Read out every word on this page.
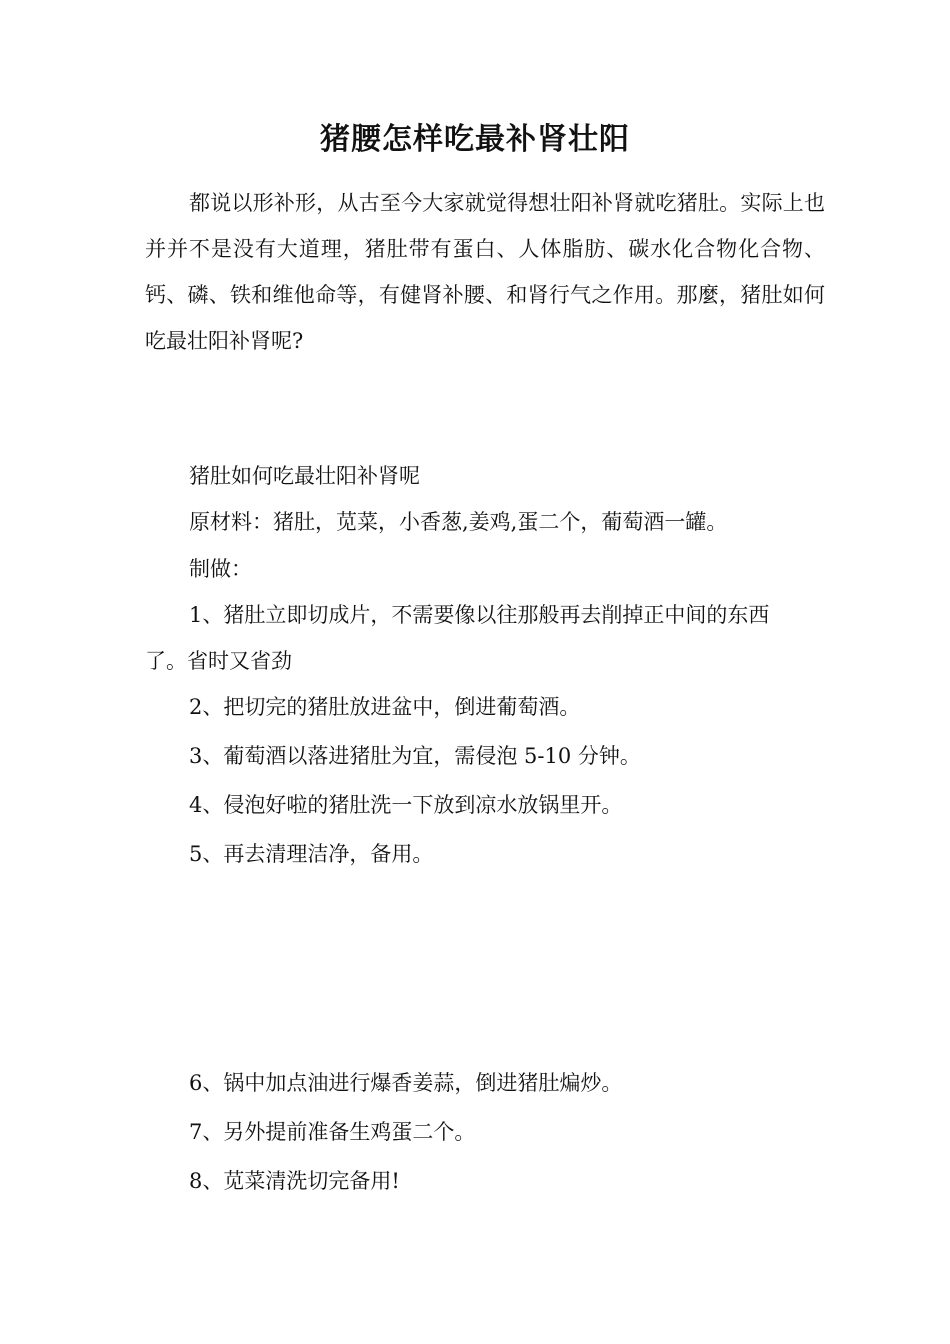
猪腰怎样吃最补肾壮阳
都说以形补形，从古至今大家就觉得想壮阳补肾就吃猪肚。实际上也并并不是没有大道理，猪肚带有蛋白、人体脂肪、碳水化合物化合物、钙、磷、铁和维他命等，有健肾补腰、和肾行气之作用。那麼，猪肚如何吃最壮阳补肾呢?
猪肚如何吃最壮阳补肾呢
原材料：猪肚，苋菜，小香葱,姜鸡,蛋二个，葡萄酒一罐。
制做：
1、猪肚立即切成片，不需要像以往那般再去削掉正中间的东西
了。省时又省劲
2、把切完的猪肚放进盆中，倒进葡萄酒。
3、葡萄酒以落进猪肚为宜，需侵泡 5-10 分钟。
4、侵泡好啦的猪肚洗一下放到凉水放锅里开。
5、再去清理洁净，备用。
6、锅中加点油进行爆香姜蒜，倒进猪肚煸炒。
7、另外提前准备生鸡蛋二个。
8、苋菜清洗切完备用!
